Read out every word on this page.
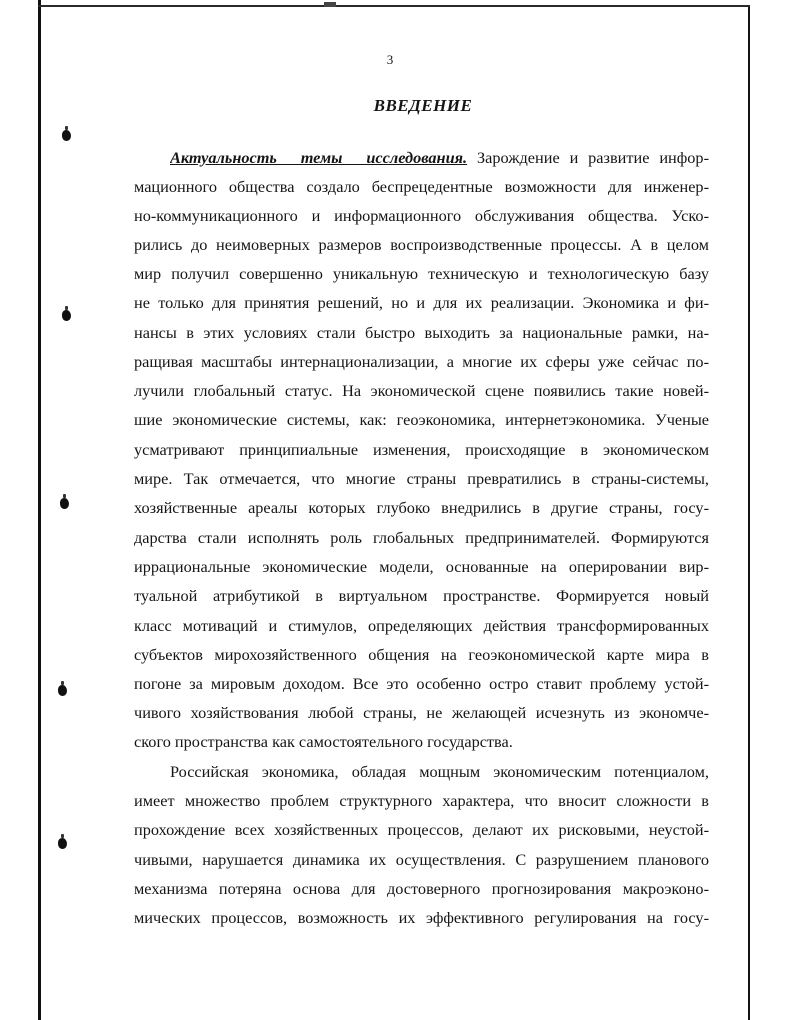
3
ВВЕДЕНИЕ
Актуальность темы исследования. Зарождение и развитие инфор-
мационного общества создало беспрецедентные возможности для инженер-
но-коммуникационного и информационного обслуживания общества. Уско-
рились до неимоверных размеров воспроизводственные процессы. А в целом
мир получил совершенно уникальную техническую и технологическую базу
не только для принятия решений, но и для их реализации. Экономика и фи-
нансы в этих условиях стали быстро выходить за национальные рамки, на-
ращивая масштабы интернационализации, а многие их сферы уже сейчас по-
лучили глобальный статус. На экономической сцене появились такие новей-
шие экономические системы, как: геоэкономика, интернетэкономика. Ученые
усматривают принципиальные изменения, происходящие в экономическом
мире. Так отмечается, что многие страны превратились в страны-системы,
хозяйственные ареалы которых глубоко внедрились в другие страны, госу-
дарства стали исполнять роль глобальных предпринимателей. Формируются
иррациональные экономические модели, основанные на оперировании вир-
туальной атрибутикой в виртуальном пространстве. Формируется новый
класс мотиваций и стимулов, определяющих действия трансформированных
субъектов мирохозяйственного общения на геоэкономической карте мира в
погоне за мировым доходом. Все это особенно остро ставит проблему устой-
чивого хозяйствования любой страны, не желающей исчезнуть из экономче-
ского пространства как самостоятельного государства.
Российская экономика, обладая мощным экономическим потенциалом,
имеет множество проблем структурного характера, что вносит сложности в
прохождение всех хозяйственных процессов, делают их рисковыми, неустой-
чивыми, нарушается динамика их осуществления. С разрушением планового
механизма потеряна основа для достоверного прогнозирования макроэконо-
мических процессов, возможность их эффективного регулирования на госу-
